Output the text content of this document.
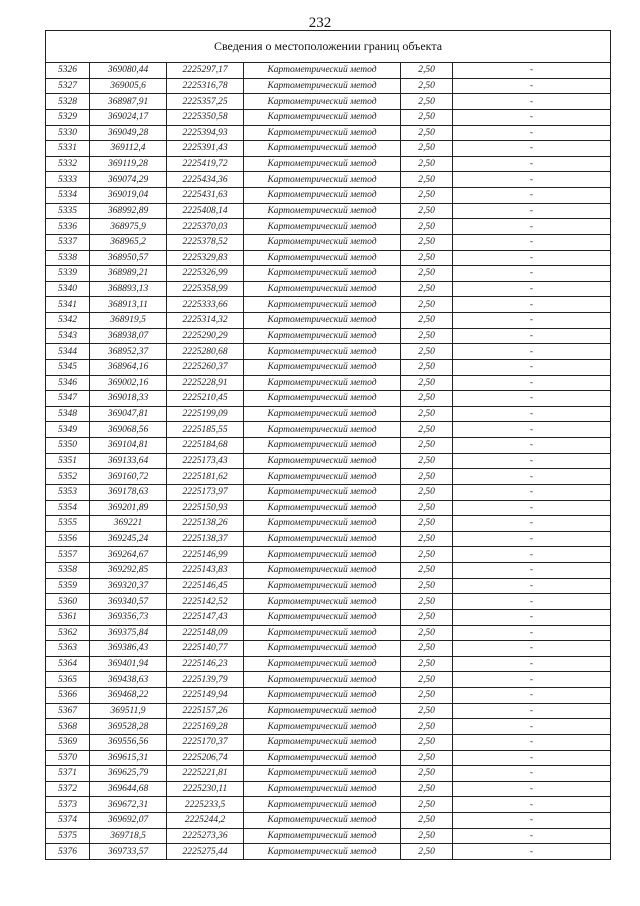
232
Сведения о местоположении границ объекта					
5326	369080,44	2225297,17	Картометрический метод	2,50	-
5327	369005,6	2225316,78	Картометрический метод	2,50	-
5328	368987,91	2225357,25	Картометрический метод	2,50	-
5329	369024,17	2225350,58	Картометрический метод	2,50	-
5330	369049,28	2225394,93	Картометрический метод	2,50	-
5331	369112,4	2225391,43	Картометрический метод	2,50	-
5332	369119,28	2225419,72	Картометрический метод	2,50	-
5333	369074,29	2225434,36	Картометрический метод	2,50	-
5334	369019,04	2225431,63	Картометрический метод	2,50	-
5335	368992,89	2225408,14	Картометрический метод	2,50	-
5336	368975,9	2225370,03	Картометрический метод	2,50	-
5337	368965,2	2225378,52	Картометрический метод	2,50	-
5338	368950,57	2225329,83	Картометрический метод	2,50	-
5339	368989,21	2225326,99	Картометрический метод	2,50	-
5340	368893,13	2225358,99	Картометрический метод	2,50	-
5341	368913,11	2225333,66	Картометрический метод	2,50	-
5342	368919,5	2225314,32	Картометрический метод	2,50	-
5343	368938,07	2225290,29	Картометрический метод	2,50	-
5344	368952,37	2225280,68	Картометрический метод	2,50	-
5345	368964,16	2225260,37	Картометрический метод	2,50	-
5346	369002,16	2225228,91	Картометрический метод	2,50	-
5347	369018,33	2225210,45	Картометрический метод	2,50	-
5348	369047,81	2225199,09	Картометрический метод	2,50	-
5349	369068,56	2225185,55	Картометрический метод	2,50	-
5350	369104,81	2225184,68	Картометрический метод	2,50	-
5351	369133,64	2225173,43	Картометрический метод	2,50	-
5352	369160,72	2225181,62	Картометрический метод	2,50	-
5353	369178,63	2225173,97	Картометрический метод	2,50	-
5354	369201,89	2225150,93	Картометрический метод	2,50	-
5355	369221	2225138,26	Картометрический метод	2,50	-
5356	369245,24	2225138,37	Картометрический метод	2,50	-
5357	369264,67	2225146,99	Картометрический метод	2,50	-
5358	369292,85	2225143,83	Картометрический метод	2,50	-
5359	369320,37	2225146,45	Картометрический метод	2,50	-
5360	369340,57	2225142,52	Картометрический метод	2,50	-
5361	369356,73	2225147,43	Картометрический метод	2,50	-
5362	369375,84	2225148,09	Картометрический метод	2,50	-
5363	369386,43	2225140,77	Картометрический метод	2,50	-
5364	369401,94	2225146,23	Картометрический метод	2,50	-
5365	369438,63	2225139,79	Картометрический метод	2,50	-
5366	369468,22	2225149,94	Картометрический метод	2,50	-
5367	369511,9	2225157,26	Картометрический метод	2,50	-
5368	369528,28	2225169,28	Картометрический метод	2,50	-
5369	369556,56	2225170,37	Картометрический метод	2,50	-
5370	369615,31	2225206,74	Картометрический метод	2,50	-
5371	369625,79	2225221,81	Картометрический метод	2,50	-
5372	369644,68	2225230,11	Картометрический метод	2,50	-
5373	369672,31	2225233,5	Картометрический метод	2,50	-
5374	369692,07	2225244,2	Картометрический метод	2,50	-
5375	369718,5	2225273,36	Картометрический метод	2,50	-
5376	369733,57	2225275,44	Картометрический метод	2,50	-
